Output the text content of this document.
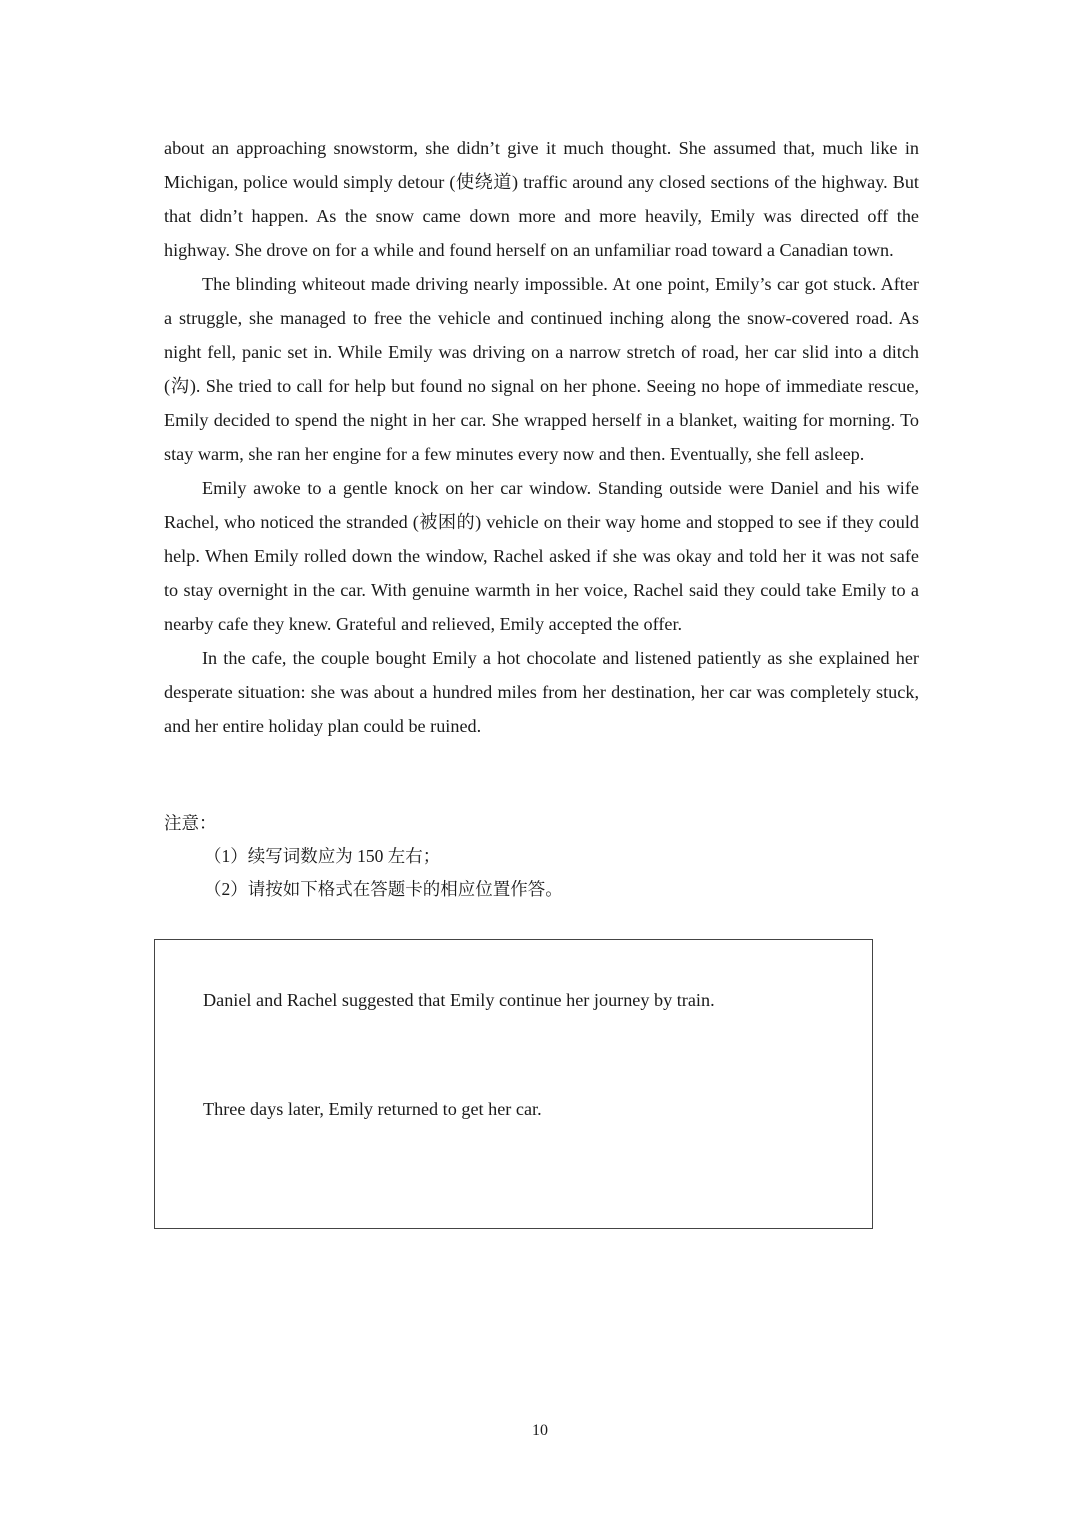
about an approaching snowstorm, she didn’t give it much thought. She assumed that, much like in Michigan, police would simply detour (使绕道) traffic around any closed sections of the highway. But that didn’t happen. As the snow came down more and more heavily, Emily was directed off the highway. She drove on for a while and found herself on an unfamiliar road toward a Canadian town.

The blinding whiteout made driving nearly impossible. At one point, Emily’s car got stuck. After a struggle, she managed to free the vehicle and continued inching along the snow-covered road. As night fell, panic set in. While Emily was driving on a narrow stretch of road, her car slid into a ditch (沟). She tried to call for help but found no signal on her phone. Seeing no hope of immediate rescue, Emily decided to spend the night in her car. She wrapped herself in a blanket, waiting for morning. To stay warm, she ran her engine for a few minutes every now and then. Eventually, she fell asleep.

Emily awoke to a gentle knock on her car window. Standing outside were Daniel and his wife Rachel, who noticed the stranded (被困的) vehicle on their way home and stopped to see if they could help. When Emily rolled down the window, Rachel asked if she was okay and told her it was not safe to stay overnight in the car. With genuine warmth in her voice, Rachel said they could take Emily to a nearby cafe they knew. Grateful and relieved, Emily accepted the offer.

In the cafe, the couple bought Emily a hot chocolate and listened patiently as she explained her desperate situation: she was about a hundred miles from her destination, her car was completely stuck, and her entire holiday plan could be ruined.

注意：
（1）续写词数应为 150 左右；
（2）请按如下格式在答题卡的相应位置作答。
Daniel and Rachel suggested that Emily continue her journey by train.
Three days later, Emily returned to get her car.
10
